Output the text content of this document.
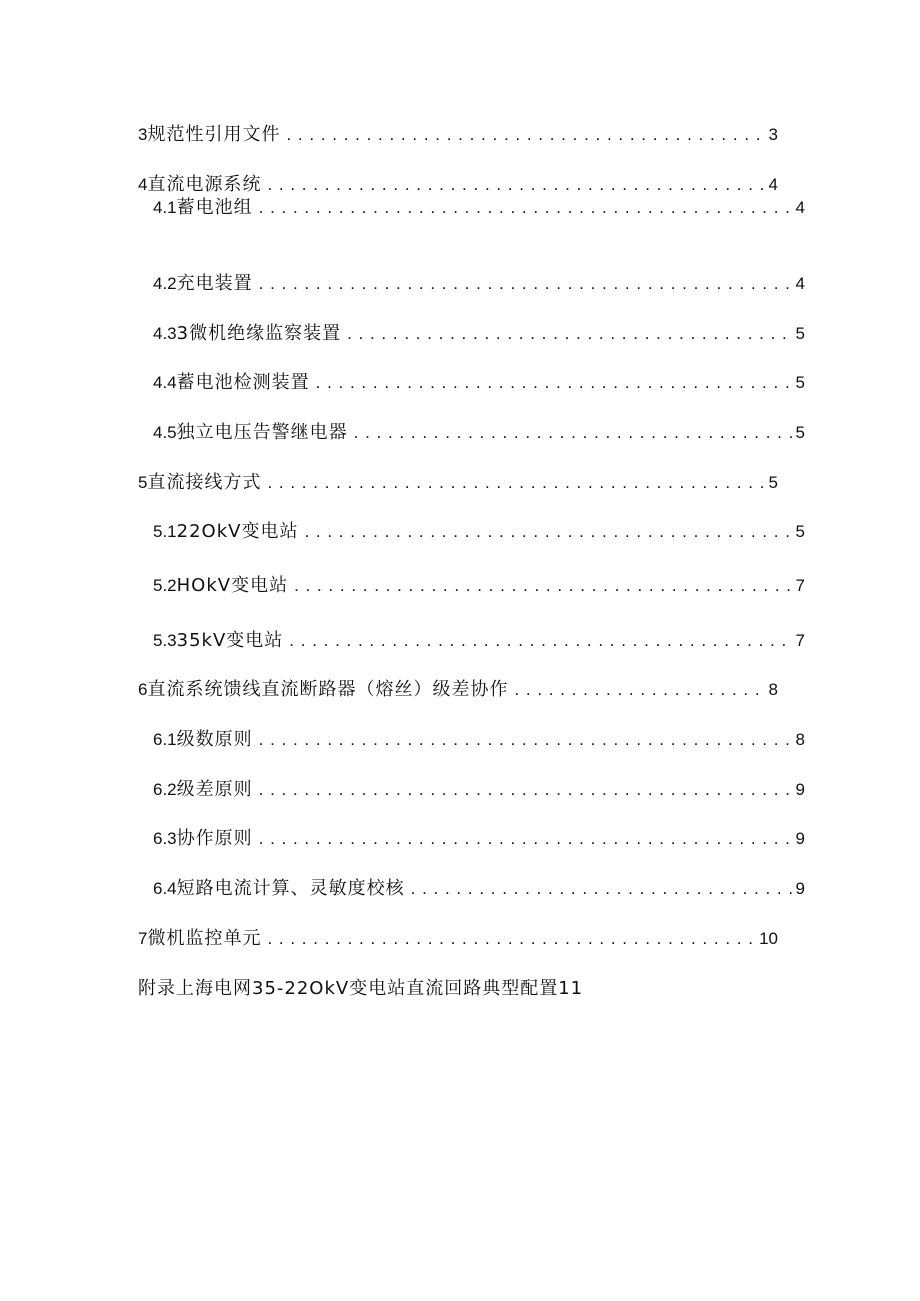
3 规范性引用文件 . . .	3
4 直流电源系统 . . .	4
4.1 蓄电池组 . . .	4
4.2 充电装置 . . .	4
4.3 3微机绝缘监察装置 . . .	5
4.4 蓄电池检测装置 . . .	5
4.5 独立电压告警继电器 . . .	5
5 直流接线方式 . . .	5
5.1 22OkV变电站 . . .	5
5.2 HOkV变电站 . . .	7
5.3 35kV变电站 . . .	7
6 直流系统馈线直流断路器（熔丝）级差协作 . . .	8
6.1 级数原则 . . .	8
6.2 级差原则 . . .	9
6.3 协作原则 . . .	9
6.4 短路电流计算、灵敏度校核 . . .	9
7 微机监控单元 . . .	10
附录上海电网35-22OkV变电站直流回路典型配置11
